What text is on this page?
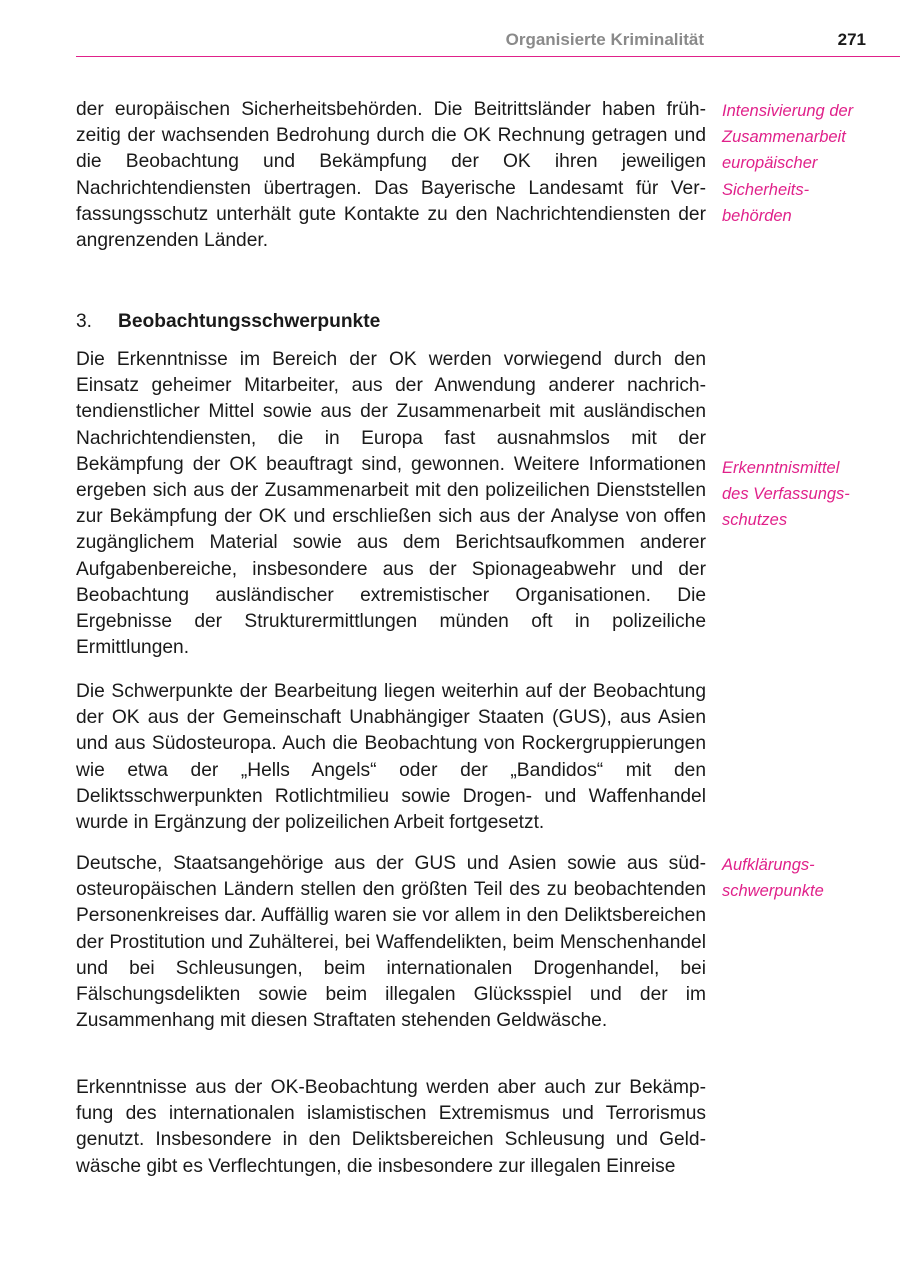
Organisierte Kriminalität	271

der europäischen Sicherheitsbehörden. Die Beitrittsländer haben frühzeitig der wachsenden Bedrohung durch die OK Rechnung getragen und die Beobachtung und Bekämpfung der OK ihren jeweiligen Nachrichtendiensten übertragen. Das Bayerische Landesamt für Verfassungsschutz unterhält gute Kontakte zu den Nachrichtendiensten der angrenzenden Länder.

Intensivierung der
Zusammenarbeit
europäischer
Sicherheits-
behörden
3. Beobachtungsschwerpunkte

Die Erkenntnisse im Bereich der OK werden vorwiegend durch den Einsatz geheimer Mitarbeiter, aus der Anwendung anderer nachrichtendienstlicher Mittel sowie aus der Zusammenarbeit mit ausländischen Nachrichtendiensten, die in Europa fast ausnahmslos mit der Bekämpfung der OK beauftragt sind, gewonnen. Weitere Informationen ergeben sich aus der Zusammenarbeit mit den polizeilichen Dienststellen zur Bekämpfung der OK und erschließen sich aus der Analyse von offen zugänglichem Material sowie aus dem Berichtsaufkommen anderer Aufgabenbereiche, insbesondere aus der Spionageabwehr und der Beobachtung ausländischer extremistischer Organisationen. Die Ergebnisse der Strukturermittlungen münden oft in polizeiliche Ermittlungen.

Erkenntnismittel
des Verfassungs-
schutzes

Die Schwerpunkte der Bearbeitung liegen weiterhin auf der Beobachtung der OK aus der Gemeinschaft Unabhängiger Staaten (GUS), aus Asien und aus Südosteuropa. Auch die Beobachtung von Rockergruppierungen wie etwa der „Hells Angels“ oder der „Bandidos“ mit den Deliktsschwerpunkten Rotlichtmilieu sowie Drogen- und Waffenhandel wurde in Ergänzung der polizeilichen Arbeit fortgesetzt.

Deutsche, Staatsangehörige aus der GUS und Asien sowie aus südosteuropäischen Ländern stellen den größten Teil des zu beobachtenden Personenkreises dar. Auffällig waren sie vor allem in den Deliktsbereichen der Prostitution und Zuhälterei, bei Waffendelikten, beim Menschenhandel und bei Schleusungen, beim internationalen Drogenhandel, bei Fälschungsdelikten sowie beim illegalen Glücksspiel und der im Zusammenhang mit diesen Straftaten stehenden Geldwäsche.

Aufklärungs-
schwerpunkte

Erkenntnisse aus der OK-Beobachtung werden aber auch zur Bekämpfung des internationalen islamistischen Extremismus und Terrorismus genutzt. Insbesondere in den Deliktsbereichen Schleusung und Geldwäsche gibt es Verflechtungen, die insbesondere zur illegalen Einreise
